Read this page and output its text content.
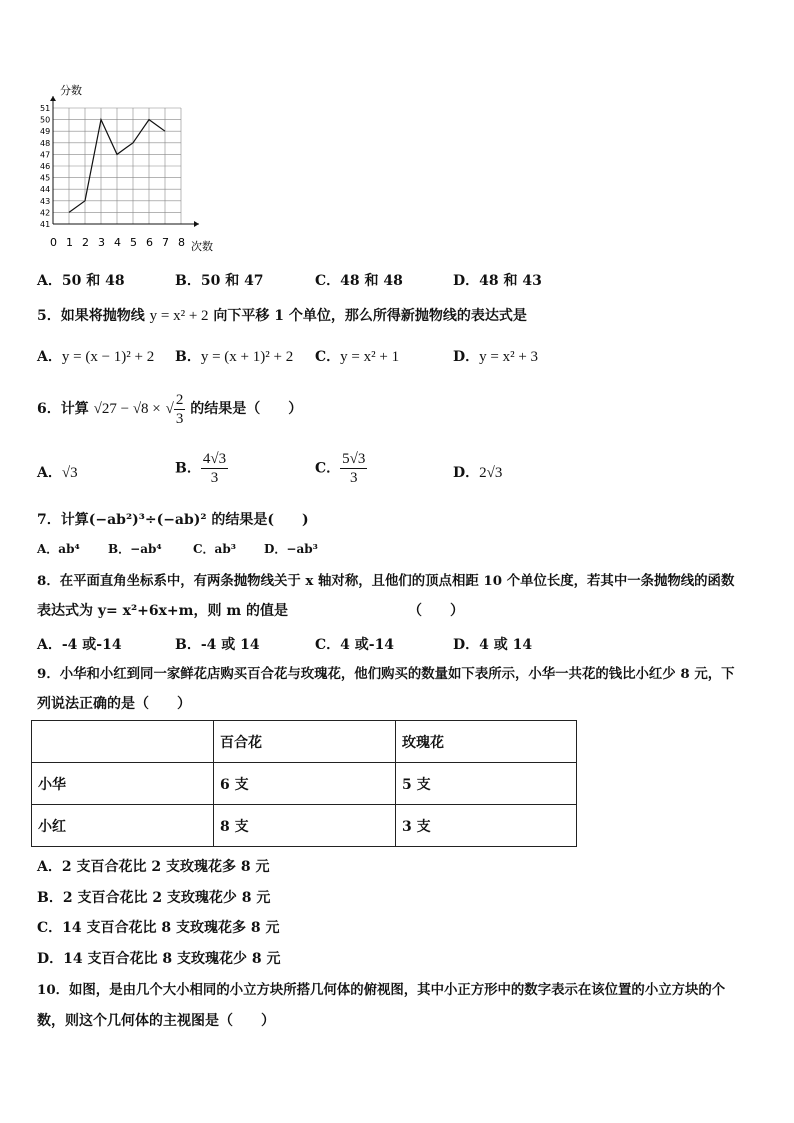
0 1 2 3 4 5 6 7 8
41
42
43
44
45
46
47
48
49
50
51
分数
次数
A．50 和 48	B．50 和 47	C．48 和 48	D．48 和 43
5．如果将抛物线 y = x² + 2 向下平移 1 个单位，那么所得新抛物线的表达式是
A．y = (x − 1)² + 2 B．y = (x + 1)² + 2 C．y = x² + 1	D．y = x² + 3
6．计算 √27 − √8 × √ $\frac{2}{3}$ 的结果是（　　）
A．√3	B． $\frac{4√3}{3}$	C． $\frac{5√3}{3}$	D．2√3
7．计算(−ab²)³÷(−ab)² 的结果是(　　)
A．ab⁴ B．−ab⁴	C．ab³ D．−ab³
8．在平面直角坐标系中，有两条抛物线关于 x 轴对称，且他们的顶点相距 10 个单位长度，若其中一条抛物线的函数
表达式为 y= x²+6x+m，则 m 的值是	（　　）
A．-4 或-14	B．-4 或 14	C．4 或-14	D．4 或 14
9．小华和小红到同一家鲜花店购买百合花与玫瑰花，他们购买的数量如下表所示，小华一共花的钱比小红少 8 元，下
列说法正确的是（　　）
	百合花	玫瑰花
小华	6 支	5 支
小红	8 支	3 支
A．2 支百合花比 2 支玫瑰花多 8 元
B．2 支百合花比 2 支玫瑰花少 8 元
C．14 支百合花比 8 支玫瑰花多 8 元
D．14 支百合花比 8 支玫瑰花少 8 元
10．如图，是由几个大小相同的小立方块所搭几何体的俯视图，其中小正方形中的数字表示在该位置的小立方块的个
数，则这个几何体的主视图是（　　）
